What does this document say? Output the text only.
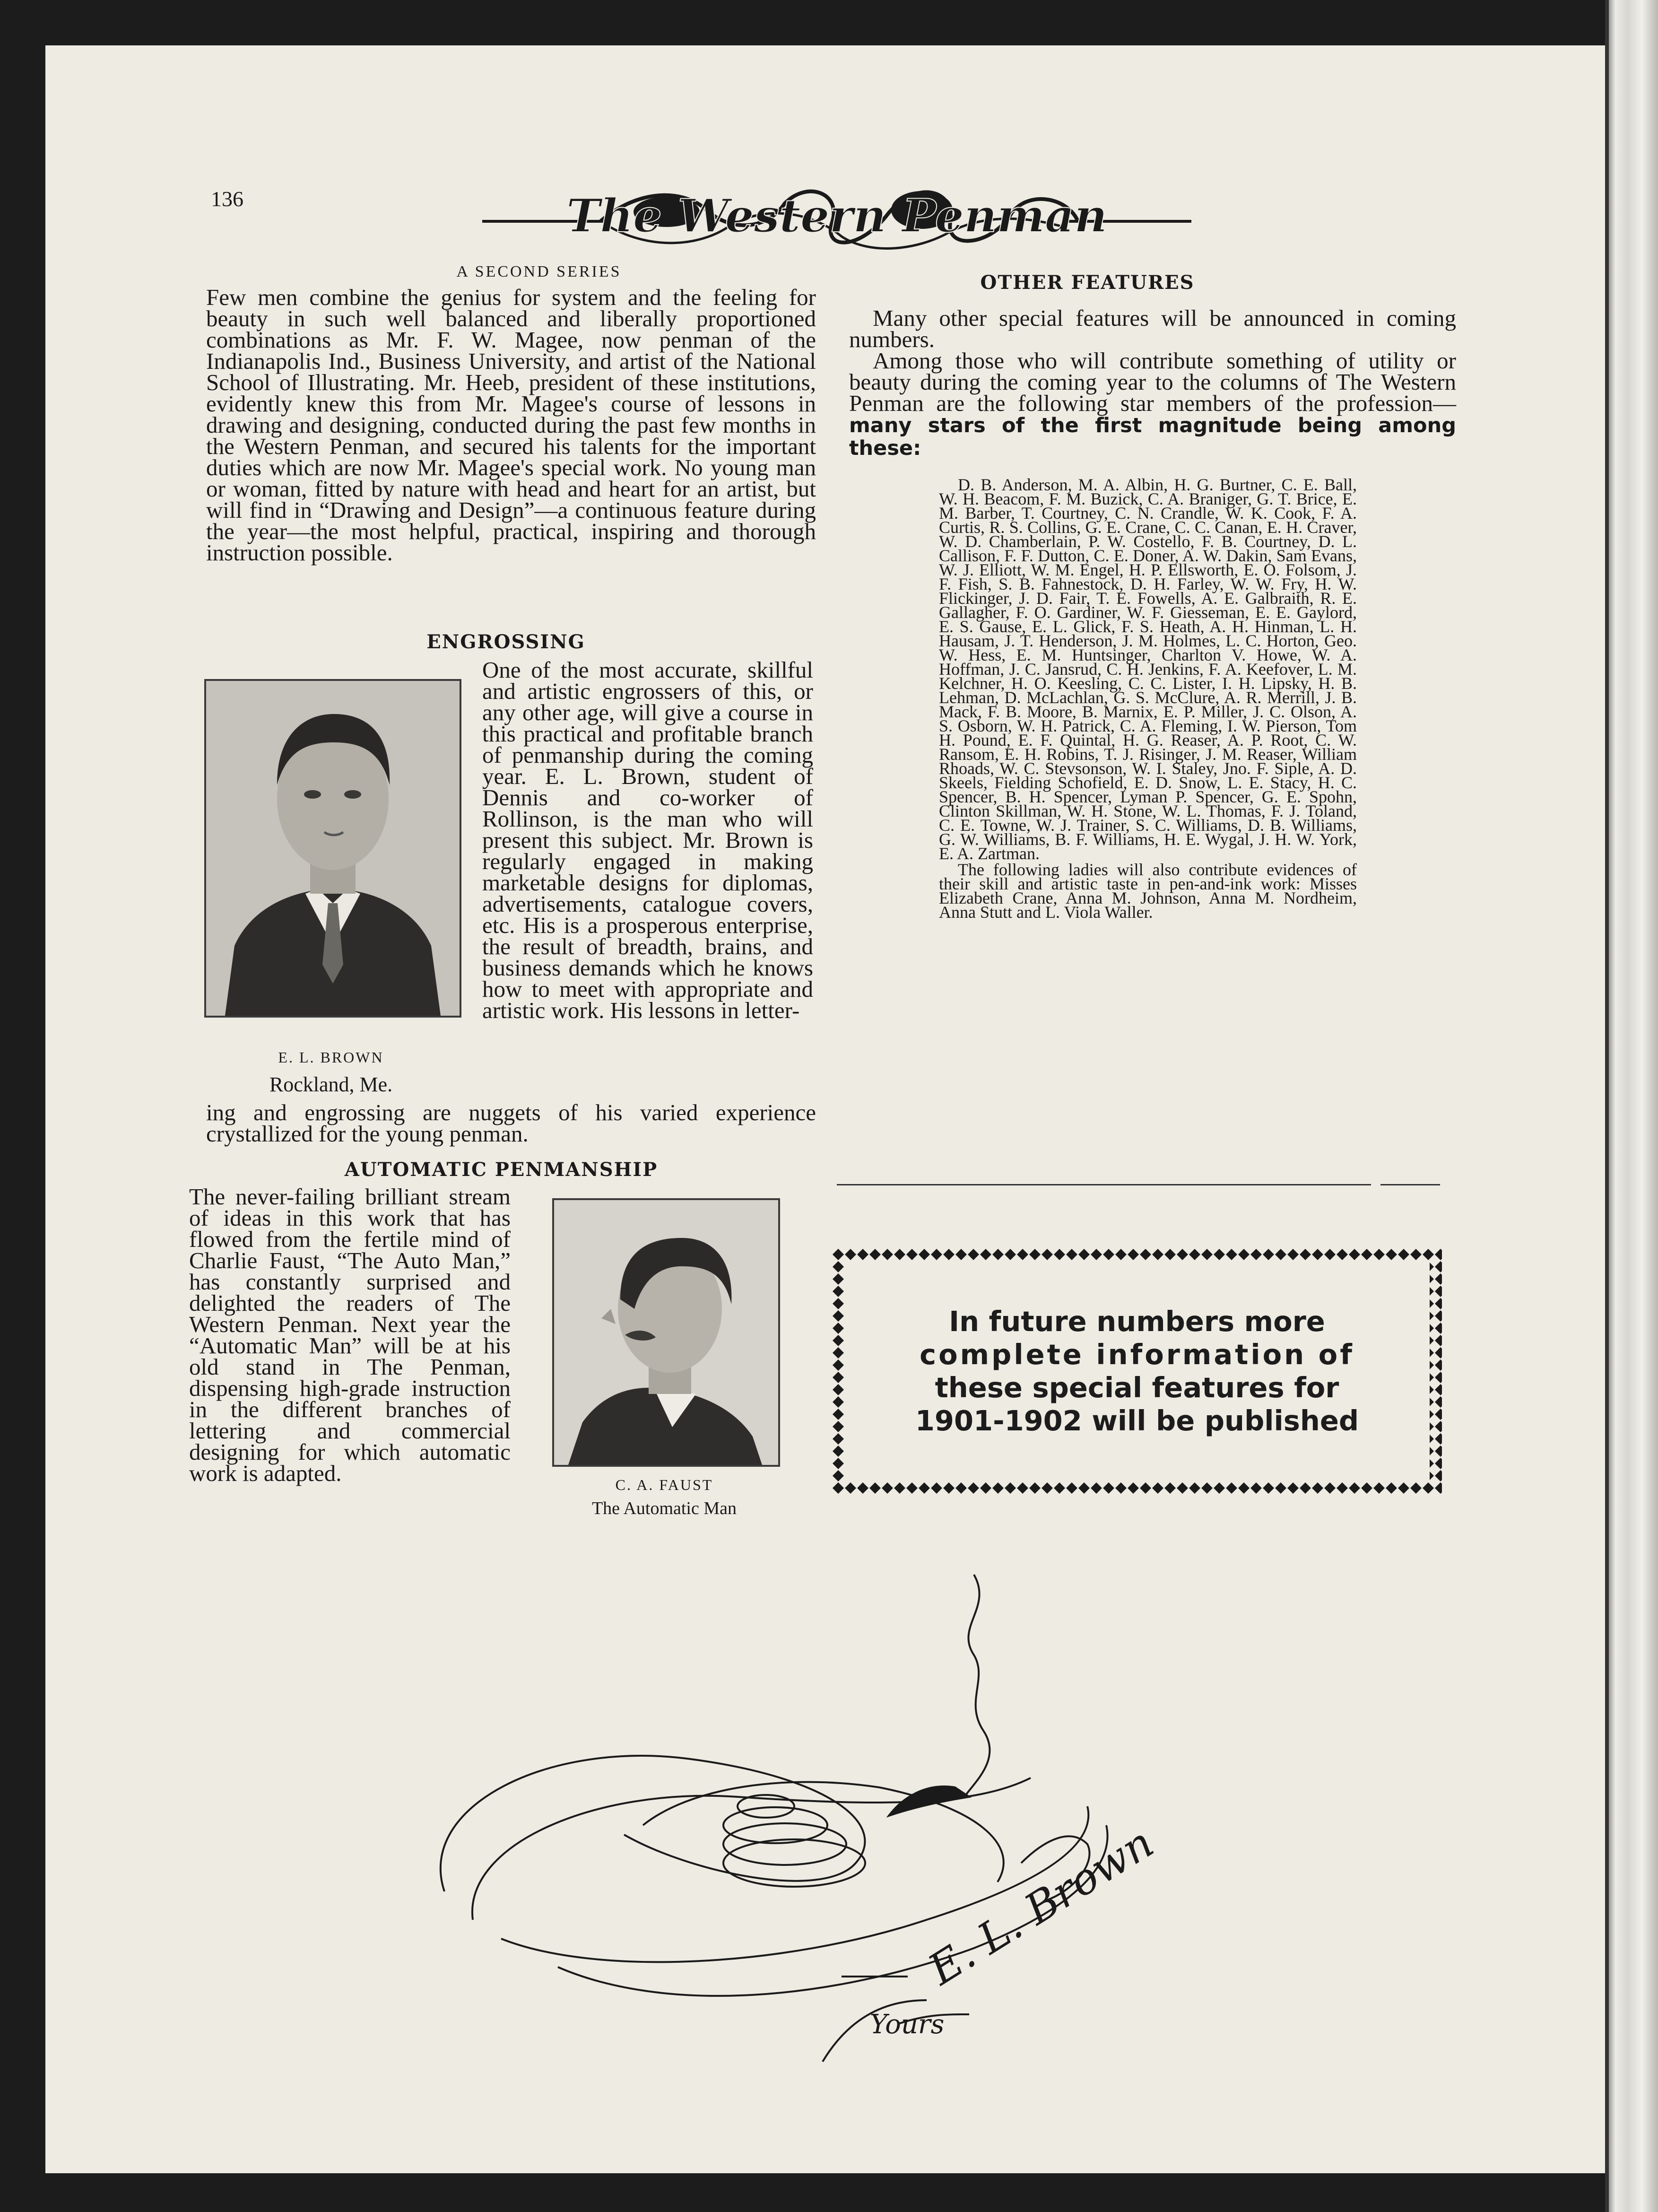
136	The Western Penman
A SECOND SERIES
Few men combine the genius for system and the feeling for beauty in such well balanced and liberally proportioned combinations as Mr. F. W. Magee, now penman of the Indianapolis Ind., Business University, and artist of the National School of Illustrating. Mr. Heeb, president of these institutions, evidently knew this from Mr. Magee's course of lessons in drawing and designing, conducted during the past few months in the Western Penman, and secured his talents for the important duties which are now Mr. Magee's special work. No young man or woman, fitted by nature with head and heart for an artist, but will find in “Drawing and Design”—a continuous feature during the year—the most helpful, practical, inspiring and thorough instruction possible.
ENGROSSING
One of the most accurate, skillful and artistic engrossers of this, or any other age, will give a course in this practical and profitable branch of penmanship during the coming year. E. L. Brown, student of Dennis and co-worker of Rollinson, is the man who will present this subject. Mr. Brown is regularly engaged in making marketable designs for diplomas, advertisements, catalogue covers, etc. His is a prosperous enterprise, the result of breadth, brains, and business demands which he knows how to meet with appropriate and artistic work. His lessons in letter-
E. L. BROWN
Rockland, Me.
ing and engrossing are nuggets of his varied experience crystallized for the young penman.
AUTOMATIC PENMANSHIP
The never-failing brilliant stream of ideas in this work that has flowed from the fertile mind of Charlie Faust, “The Auto Man,” has constantly surprised and delighted the readers of The Western Penman. Next year the “Automatic Man” will be at his old stand in The Penman, dispensing high-grade instruction in the different branches of lettering and commercial designing for which automatic work is adapted.	C. A. FAUST
The Automatic Man
OTHER FEATURES

Many other special features will be announced in coming numbers.

Among those who will contribute something of utility or beauty during the coming year to the columns of The Western Penman are the following star members of the profession—many stars of the first magnitude being among these:

D. B. Anderson, M. A. Albin, H. G. Burtner, C. E. Ball, W. H. Beacom, F. M. Buzick, C. A. Braniger, G. T. Brice, E. M. Barber, T. Courtney, C. N. Crandle, W. K. Cook, F. A. Curtis, R. S. Collins, G. E. Crane, C. C. Canan, E. H. Craver, W. D. Chamberlain, P. W. Costello, F. B. Courtney, D. L. Callison, F. F. Dutton, C. E. Doner, A. W. Dakin, Sam Evans, W. J. Elliott, W. M. Engel, H. P. Ellsworth, E. O. Folsom, J. F. Fish, S. B. Fahnestock, D. H. Farley, W. W. Fry, H. W. Flickinger, J. D. Fair, T. E. Fowells, A. E. Galbraith, R. E. Gallagher, F. O. Gardiner, W. F. Giesseman, E. E. Gaylord, E. S. Gause, E. L. Glick, F. S. Heath, A. H. Hinman, L. H. Hausam, J. T. Henderson, J. M. Holmes, L. C. Horton, Geo. W. Hess, E. M. Huntsinger, Charlton V. Howe, W. A. Hoffman, J. C. Jansrud, C. H. Jenkins, F. A. Keefover, L. M. Kelchner, H. O. Keesling, C. C. Lister, I. H. Lipsky, H. B. Lehman, D. McLachlan, G. S. McClure, A. R. Merrill, J. B. Mack, F. B. Moore, B. Marnix, E. P. Miller, J. C. Olson, A. S. Osborn, W. H. Patrick, C. A. Fleming, I. W. Pierson, Tom H. Pound, E. F. Quintal, H. G. Reaser, A. P. Root, C. W. Ransom, E. H. Robins, T. J. Risinger, J. M. Reaser, William Rhoads, W. C. Stevsonson, W. I. Staley, Jno. F. Siple, A. D. Skeels, Fielding Schofield, E. D. Snow, L. E. Stacy, H. C. Spencer, B. H. Spencer, Lyman P. Spencer, G. E. Spohn, Clinton Skillman, W. H. Stone, W. L. Thomas, F. J. Toland, C. E. Towne, W. J. Trainer, S. C. Williams, D. B. Williams, G. W. Williams, B. F. Williams, H. E. Wygal, J. H. W. York, E. A. Zartman.

The following ladies will also contribute evidences of their skill and artistic taste in pen-and-ink work: Misses Elizabeth Crane, Anna M. Johnson, Anna M. Nordheim, Anna Stutt and L. Viola Waller.

In future numbers more
complete information of
these special features for
1901-1902 will be published
E. L. Brown
Yours
